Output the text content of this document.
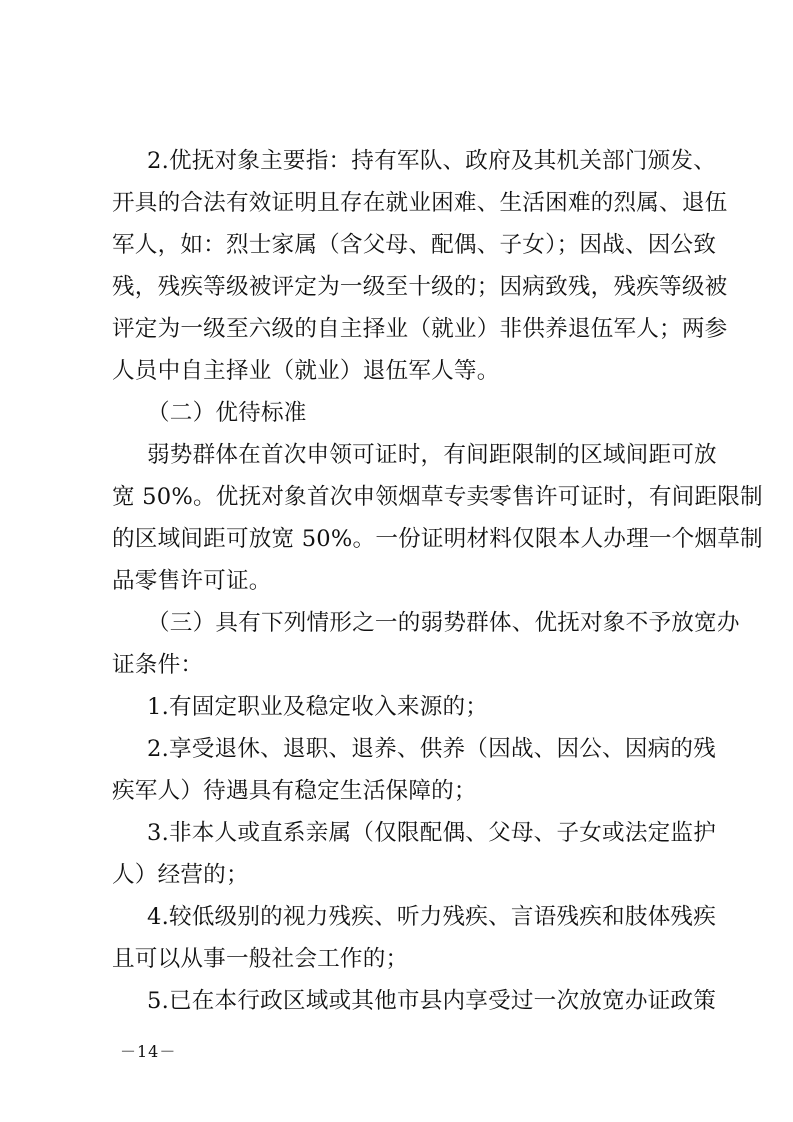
2.优抚对象主要指：持有军队、政府及其机关部门颁发、
开具的合法有效证明且存在就业困难、生活困难的烈属、退伍
军人，如：烈士家属（含父母、配偶、子女）；因战、因公致
残，残疾等级被评定为一级至十级的；因病致残，残疾等级被
评定为一级至六级的自主择业（就业）非供养退伍军人；两参
人员中自主择业（就业）退伍军人等。
（二）优待标准
弱势群体在首次申领可证时，有间距限制的区域间距可放
宽 50%。优抚对象首次申领烟草专卖零售许可证时，有间距限制
的区域间距可放宽 50%。一份证明材料仅限本人办理一个烟草制
品零售许可证。
（三）具有下列情形之一的弱势群体、优抚对象不予放宽办
证条件：
1.有固定职业及稳定收入来源的；
2.享受退休、退职、退养、供养（因战、因公、因病的残
疾军人）待遇具有稳定生活保障的；
3.非本人或直系亲属（仅限配偶、父母、子女或法定监护
人）经营的；
4.较低级别的视力残疾、听力残疾、言语残疾和肢体残疾
且可以从事一般社会工作的；
5.已在本行政区域或其他市县内享受过一次放宽办证政策
－14－
